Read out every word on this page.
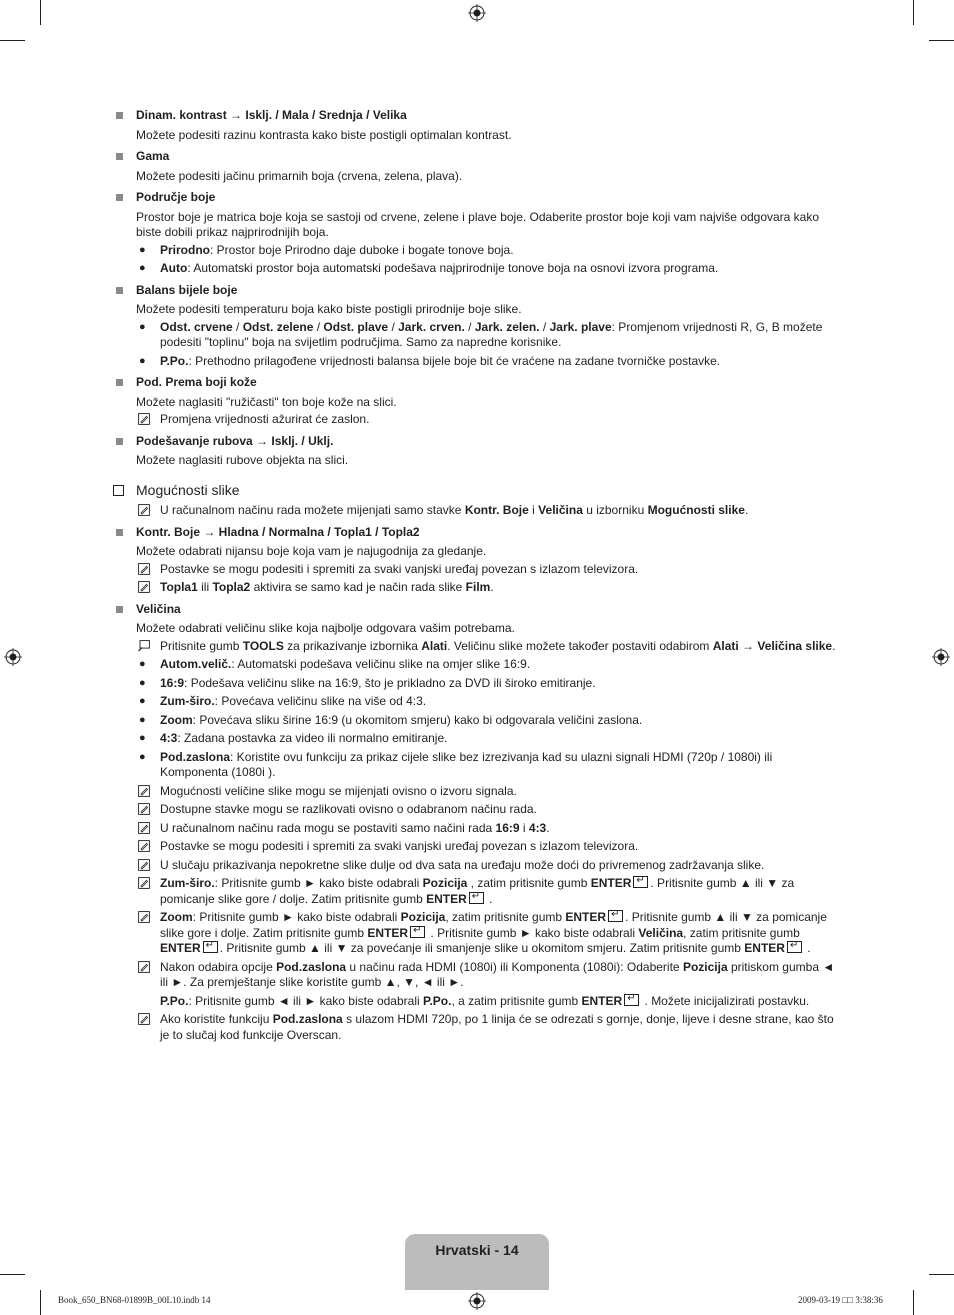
Dinam. kontrast → Isklj. / Mala / Srednja / Velika

Možete podesiti razinu kontrasta kako biste postigli optimalan kontrast.

Gama

Možete podesiti jačinu primarnih boja (crvena, zelena, plava).

Područje boje

Prostor boje je matrica boje koja se sastoji od crvene, zelene i plave boje. Odaberite prostor boje koji vam najviše odgovara kako biste dobili prikaz najprirodnijih boja.

● Prirodno: Prostor boje Prirodno daje duboke i bogate tonove boja.
● Auto: Automatski prostor boja automatski podešava najprirodnije tonove boja na osnovi izvora programa.
Balans bijele boje

Možete podesiti temperaturu boja kako biste postigli prirodnije boje slike.

● Odst. crvene / Odst. zelene / Odst. plave / Jark. crven. / Jark. zelen. / Jark. plave: Promjenom vrijednosti R, G, B možete podesiti "toplinu" boja na svijetlim područjima. Samo za napredne korisnike.
● P.Po.: Prethodno prilagođene vrijednosti balansa bijele boje bit će vraćene na zadane tvorničke postavke.
Pod. Prema boji kože

Možete naglasiti "ružičasti" ton boje kože na slici.

Promjena vrijednosti ažurirat će zaslon.
Podešavanje rubova → Isklj. / Uklj.

Možete naglasiti rubove objekta na slici.

Mogućnosti slike
U računalnom načinu rada možete mijenjati samo stavke Kontr. Boje i Veličina u izborniku Mogućnosti slike.
Kontr. Boje → Hladna / Normalna / Topla1 / Topla2

Možete odabrati nijansu boje koja vam je najugodnija za gledanje.

Postavke se mogu podesiti i spremiti za svaki vanjski uređaj povezan s izlazom televizora.
Topla1 ili Topla2 aktivira se samo kad je način rada slike Film.
Veličina

Možete odabrati veličinu slike koja najbolje odgovara vašim potrebama.

Pritisnite gumb TOOLS za prikazivanje izbornika Alati. Veličinu slike možete također postaviti odabirom Alati → Veličina slike.
● Autom.velič.: Automatski podešava veličinu slike na omjer slike 16:9.
● 16:9: Podešava veličinu slike na 16:9, što je prikladno za DVD ili široko emitiranje.
● Zum-širo.: Povećava veličinu slike na više od 4:3.
● Zoom: Povećava sliku širine 16:9 (u okomitom smjeru) kako bi odgovarala veličini zaslona.
● 4:3: Zadana postavka za video ili normalno emitiranje.
● Pod.zaslona: Koristite ovu funkciju za prikaz cijele slike bez izrezivanja kad su ulazni signali HDMI (720p / 1080i) ili Komponenta (1080i ).
Mogućnosti veličine slike mogu se mijenjati ovisno o izvoru signala.
Dostupne stavke mogu se razlikovati ovisno o odabranom načinu rada.
U računalnom načinu rada mogu se postaviti samo načini rada 16:9 i 4:3.
Postavke se mogu podesiti i spremiti za svaki vanjski uređaj povezan s izlazom televizora.
U slučaju prikazivanja nepokretne slike dulje od dva sata na uređaju može doći do privremenog zadržavanja slike.
Zum-širo.: Pritisnite gumb ► kako biste odabrali Pozicija , zatim pritisnite gumb ENTER ↵ . Pritisnite gumb ▲ ili ▼ za pomicanje slike gore / dolje. Zatim pritisnite gumb ENTER↵ .
Zoom: Pritisnite gumb ► kako biste odabrali Pozicija, zatim pritisnite gumb ENTER ↵ . Pritisnite gumb ▲ ili ▼ za pomicanje slike gore i dolje. Zatim pritisnite gumb ENTER↵ . Pritisnite gumb ► kako biste odabrali Veličina, zatim pritisnite gumb ENTER ↵ . Pritisnite gumb ▲ ili ▼ za povećanje ili smanjenje slike u okomitom smjeru. Zatim pritisnite gumb ENTER↵ .
Nakon odabira opcije Pod.zaslona u načinu rada HDMI (1080i) ili Komponenta (1080i): Odaberite Pozicija pritiskom gumba ◄ ili ►. Za premještanje slike koristite gumb ▲, ▼, ◄ ili ►.
P.Po.: Pritisnite gumb ◄ ili ► kako biste odabrali P.Po., a zatim pritisnite gumb ENTER↵ . Možete inicijalizirati postavku.
Ako koristite funkciju Pod.zaslona s ulazom HDMI 720p, po 1 linija će se odrezati s gornje, donje, lijeve i desne strane, kao što je to slučaj kod funkcije Overscan.
Hrvatski - 14
Book_650_BN68-01899B_00L10.indb 14	2009-03-19 □□ 3:38:36
